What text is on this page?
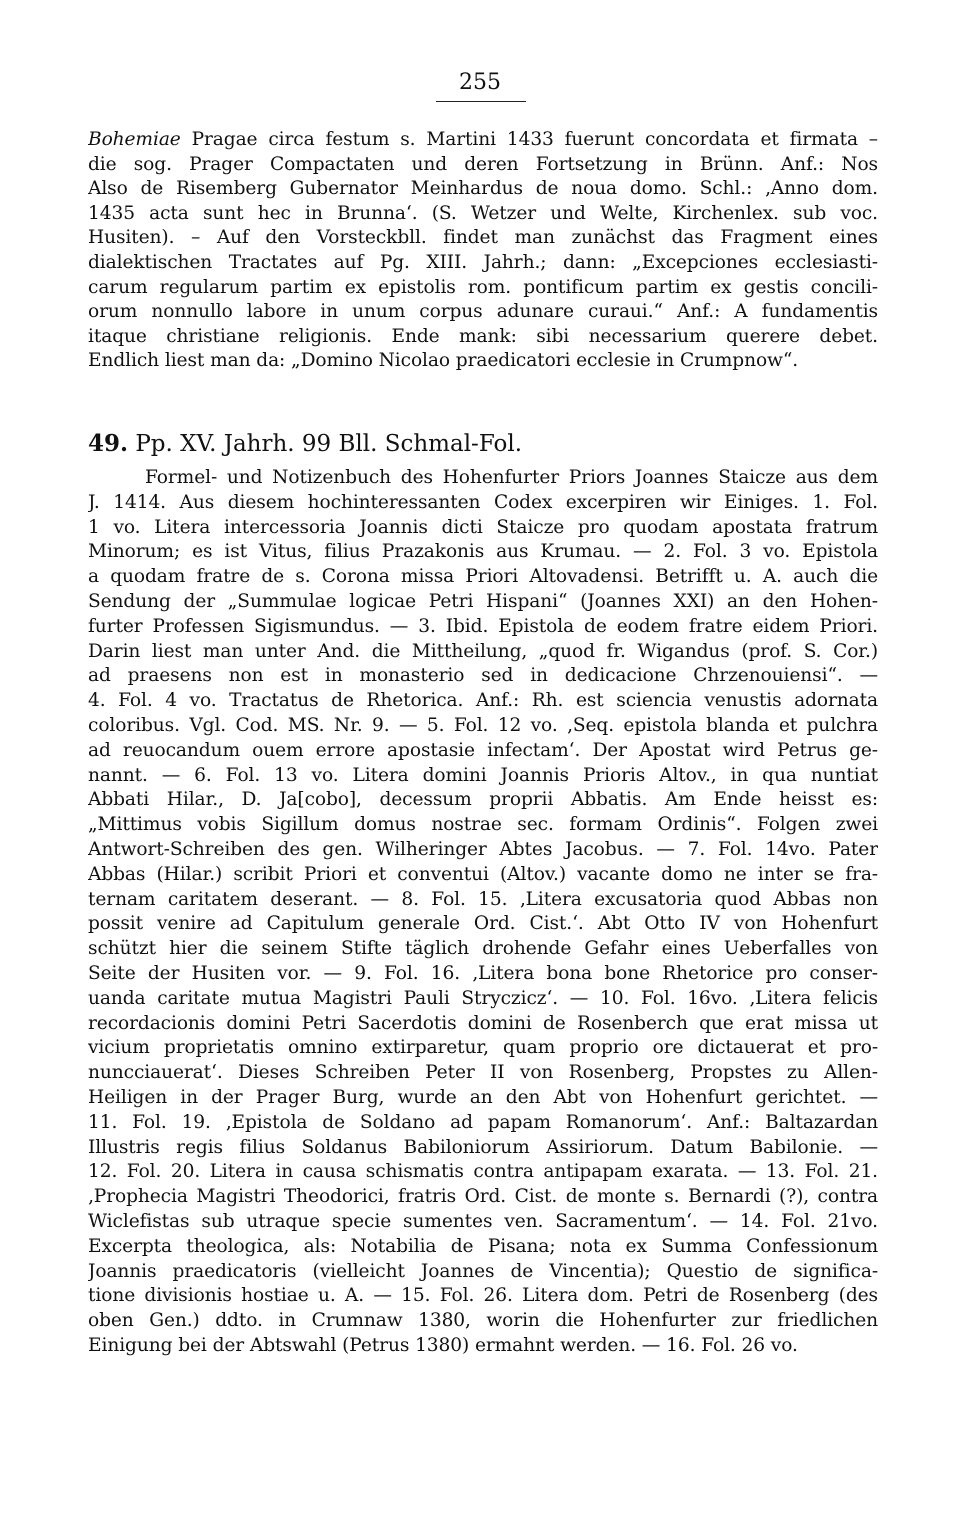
255
Bohemiae Pragae circa festum s. Martini 1433 fuerunt concordata et firmata –
die sog. Prager Compactaten und deren Fortsetzung in Brünn. Anf.: Nos
Also de Risemberg Gubernator Meinhardus de noua domo. Schl.: ‚Anno dom.
1435 acta sunt hec in Brunna‘. (S. Wetzer und Welte, Kirchenlex. sub voc.
Husiten). – Auf den Vorsteckbll. findet man zunächst das Fragment eines
dialektischen Tractates auf Pg. XIII. Jahrh.; dann: „Excepciones ecclesiasti-
carum regularum partim ex epistolis rom. pontificum partim ex gestis concili-
orum nonnullo labore in unum corpus adunare curaui.“ Anf.: A fundamentis
itaque christiane religionis. Ende mank: sibi necessarium querere debet.
Endlich liest man da: „Domino Nicolao praedicatori ecclesie in Crumpnow“.
49. Pp. XV. Jahrh. 99 Bll. Schmal-Fol.
Formel- und Notizenbuch des Hohenfurter Priors Joannes Staicze aus dem
J. 1414. Aus diesem hochinteressanten Codex excerpiren wir Einiges. 1. Fol.
1 vo. Litera intercessoria Joannis dicti Staicze pro quodam apostata fratrum
Minorum; es ist Vitus, filius Prazakonis aus Krumau. — 2. Fol. 3 vo. Epistola
a quodam fratre de s. Corona missa Priori Altovadensi. Betrifft u. A. auch die
Sendung der „Summulae logicae Petri Hispani“ (Joannes XXI) an den Hohen-
furter Professen Sigismundus. — 3. Ibid. Epistola de eodem fratre eidem Priori.
Darin liest man unter And. die Mittheilung, „quod fr. Wigandus (prof. S. Cor.)
ad praesens non est in monasterio sed in dedicacione Chrzenouiensi“. —
4. Fol. 4 vo. Tractatus de Rhetorica. Anf.: Rh. est sciencia venustis adornata
coloribus. Vgl. Cod. MS. Nr. 9. — 5. Fol. 12 vo. ‚Seq. epistola blanda et pulchra
ad reuocandum ouem errore apostasie infectam‘. Der Apostat wird Petrus ge-
nannt. — 6. Fol. 13 vo. Litera domini Joannis Prioris Altov., in qua nuntiat
Abbati Hilar., D. Ja[cobo], decessum proprii Abbatis. Am Ende heisst es:
„Mittimus vobis Sigillum domus nostrae sec. formam Ordinis“. Folgen zwei
Antwort-Schreiben des gen. Wilheringer Abtes Jacobus. — 7. Fol. 14vo. Pater
Abbas (Hilar.) scribit Priori et conventui (Altov.) vacante domo ne inter se fra-
ternam caritatem deserant. — 8. Fol. 15. ‚Litera excusatoria quod Abbas non
possit venire ad Capitulum generale Ord. Cist.‘. Abt Otto IV von Hohenfurt
schützt hier die seinem Stifte täglich drohende Gefahr eines Ueberfalles von
Seite der Husiten vor. — 9. Fol. 16. ‚Litera bona bone Rhetorice pro conser-
uanda caritate mutua Magistri Pauli Stryczicz‘. — 10. Fol. 16vo. ‚Litera felicis
recordacionis domini Petri Sacerdotis domini de Rosenberch que erat missa ut
vicium proprietatis omnino extirparetur, quam proprio ore dictauerat et pro-
nuncciauerat‘. Dieses Schreiben Peter II von Rosenberg, Propstes zu Allen-
Heiligen in der Prager Burg, wurde an den Abt von Hohenfurt gerichtet. —
11. Fol. 19. ‚Epistola de Soldano ad papam Romanorum‘. Anf.: Baltazardan
Illustris regis filius Soldanus Babiloniorum Assiriorum. Datum Babilonie. —
12. Fol. 20. Litera in causa schismatis contra antipapam exarata. — 13. Fol. 21.
‚Prophecia Magistri Theodorici, fratris Ord. Cist. de monte s. Bernardi (?), contra
Wiclefistas sub utraque specie sumentes ven. Sacramentum‘. — 14. Fol. 21vo.
Excerpta theologica, als: Notabilia de Pisana; nota ex Summa Confessionum
Joannis praedicatoris (vielleicht Joannes de Vincentia); Questio de significa-
tione divisionis hostiae u. A. — 15. Fol. 26. Litera dom. Petri de Rosenberg (des
oben Gen.) ddto. in Crumnaw 1380, worin die Hohenfurter zur friedlichen
Einigung bei der Abtswahl (Petrus 1380) ermahnt werden. — 16. Fol. 26 vo.
